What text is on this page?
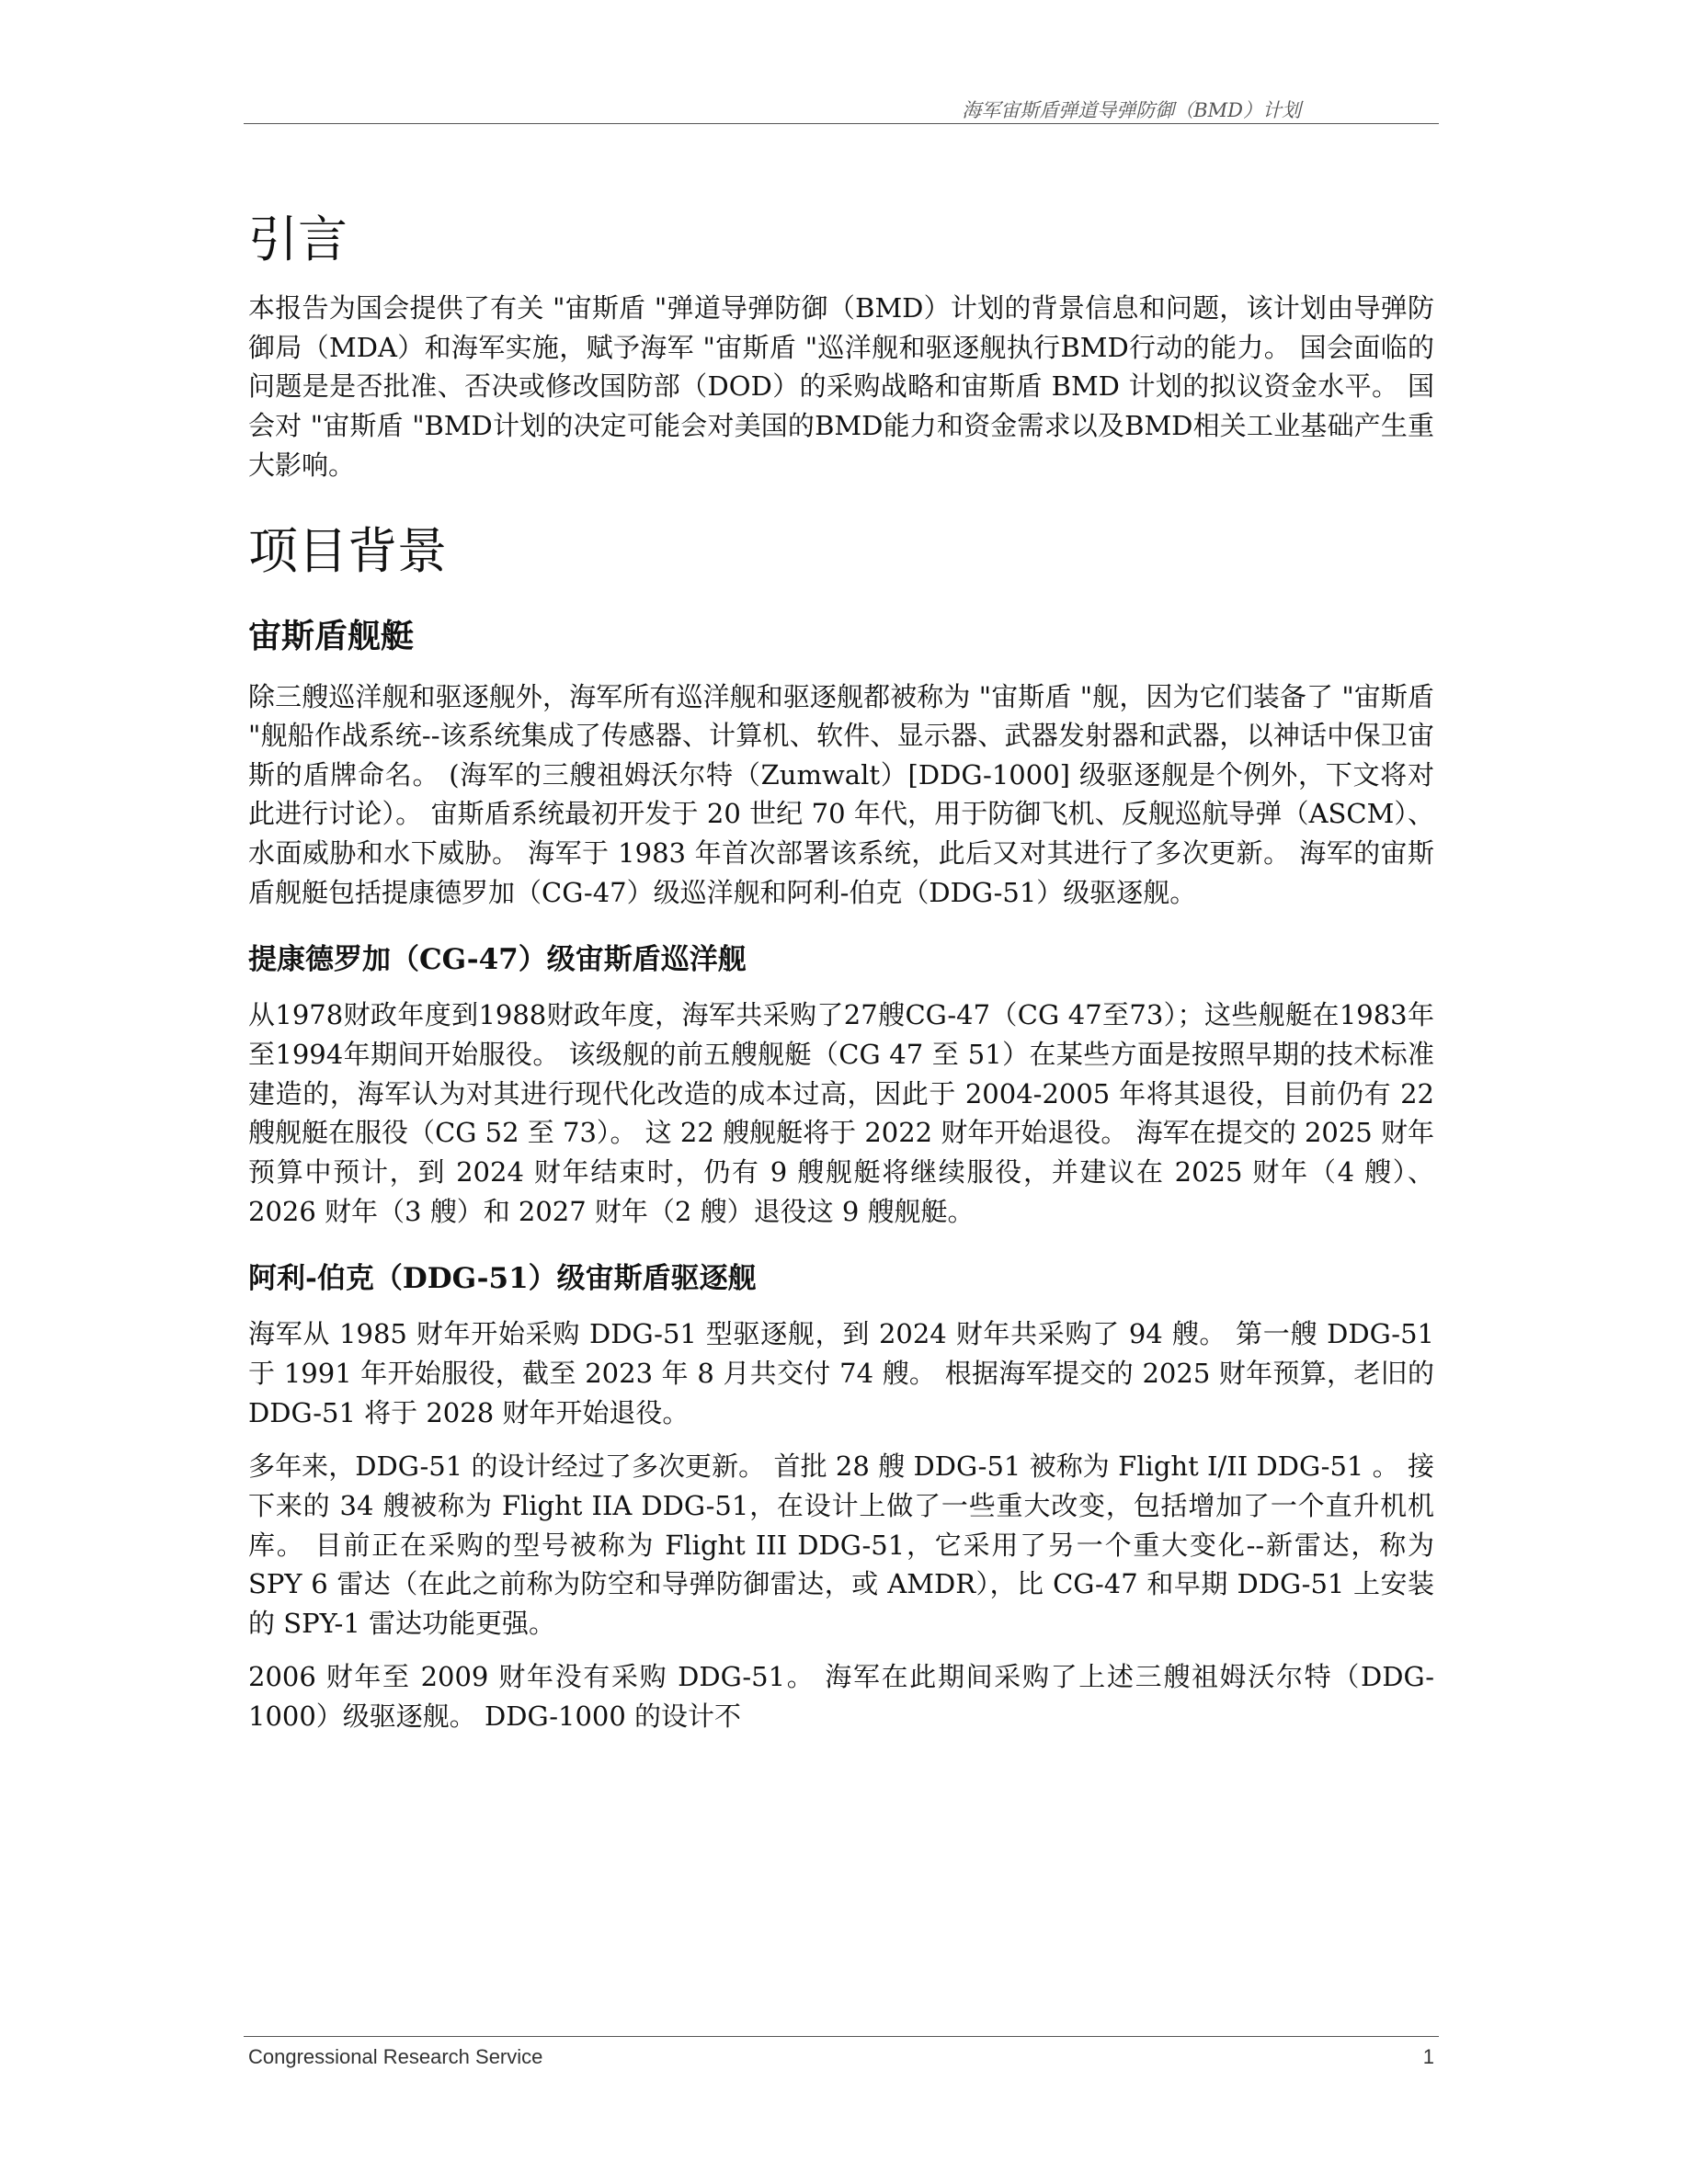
海军宙斯盾弹道导弹防御（BMD）计划
引言

本报告为国会提供了有关 "宙斯盾 "弹道导弹防御（BMD）计划的背景信息和问题，该计划由导弹防御局（MDA）和海军实施，赋予海军 "宙斯盾 "巡洋舰和驱逐舰执行BMD行动的能力。 国会面临的问题是是否批准、否决或修改国防部（DOD）的采购战略和宙斯盾 BMD 计划的拟议资金水平。 国会对 "宙斯盾 "BMD计划的决定可能会对美国的BMD能力和资金需求以及BMD相关工业基础产生重大影响。

项目背景
宙斯盾舰艇

除三艘巡洋舰和驱逐舰外，海军所有巡洋舰和驱逐舰都被称为 "宙斯盾 "舰，因为它们装备了 "宙斯盾 "舰船作战系统--该系统集成了传感器、计算机、软件、显示器、武器发射器和武器，以神话中保卫宙斯的盾牌命名。 (海军的三艘祖姆沃尔特（Zumwalt）[DDG-1000] 级驱逐舰是个例外，下文将对此进行讨论）。 宙斯盾系统最初开发于 20 世纪 70 年代，用于防御飞机、反舰巡航导弹（ASCM）、水面威胁和水下威胁。 海军于 1983 年首次部署该系统，此后又对其进行了多次更新。 海军的宙斯盾舰艇包括提康德罗加（CG-47）级巡洋舰和阿利-伯克（DDG-51）级驱逐舰。

提康德罗加（CG-47）级宙斯盾巡洋舰

从1978财政年度到1988财政年度，海军共采购了27艘CG-47（CG 47至73）；这些舰艇在1983年至1994年期间开始服役。 该级舰的前五艘舰艇（CG 47 至 51）在某些方面是按照早期的技术标准建造的，海军认为对其进行现代化改造的成本过高，因此于 2004-2005 年将其退役，目前仍有 22 艘舰艇在服役（CG 52 至 73）。 这 22 艘舰艇将于 2022 财年开始退役。 海军在提交的 2025 财年预算中预计，到 2024 财年结束时，仍有 9 艘舰艇将继续服役，并建议在 2025 财年（4 艘）、2026 财年（3 艘）和 2027 财年（2 艘）退役这 9 艘舰艇。

阿利-伯克（DDG-51）级宙斯盾驱逐舰

海军从 1985 财年开始采购 DDG-51 型驱逐舰，到 2024 财年共采购了 94 艘。 第一艘 DDG-51 于 1991 年开始服役，截至 2023 年 8 月共交付 74 艘。 根据海军提交的 2025 财年预算，老旧的 DDG-51 将于 2028 财年开始退役。

多年来，DDG-51 的设计经过了多次更新。 首批 28 艘 DDG-51 被称为 Flight I/II DDG-51 。 接下来的 34 艘被称为 Flight IIA DDG-51，在设计上做了一些重大改变，包括增加了一个直升机机库。 目前正在采购的型号被称为 Flight III DDG-51，它采用了另一个重大变化--新雷达，称为 SPY 6 雷达（在此之前称为防空和导弹防御雷达，或 AMDR），比 CG-47 和早期 DDG-51 上安装的 SPY-1 雷达功能更强。

2006 财年至 2009 财年没有采购 DDG-51。 海军在此期间采购了上述三艘祖姆沃尔特（DDG-1000）级驱逐舰。 DDG-1000 的设计不

Congressional Research Service	1
